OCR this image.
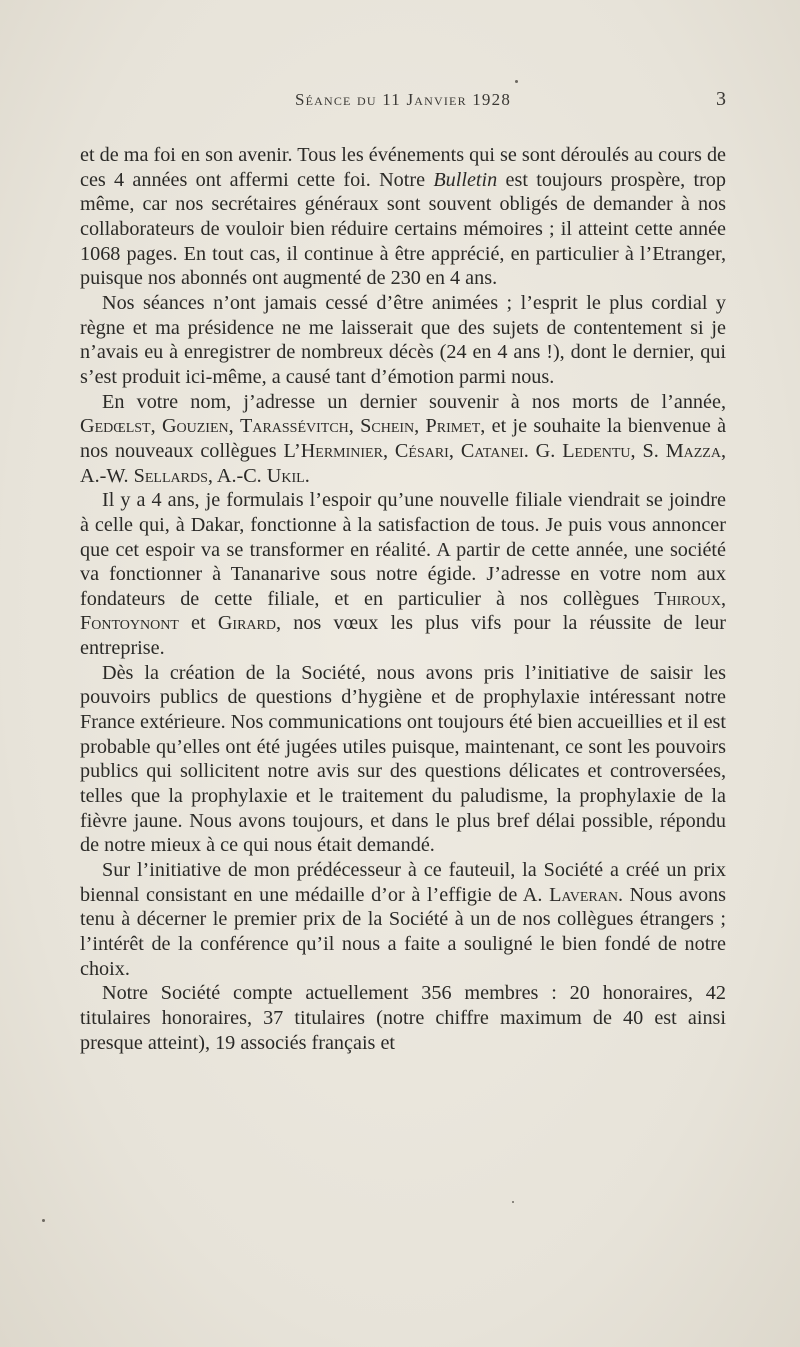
Séance du 11 Janvier 1928	3

et de ma foi en son avenir. Tous les événements qui se sont déroulés au cours de ces 4 années ont affermi cette foi. Notre Bulletin est toujours prospère, trop même, car nos secrétaires généraux sont souvent obligés de demander à nos collaborateurs de vouloir bien réduire certains mémoires ; il atteint cette année 1068 pages. En tout cas, il continue à être apprécié, en particulier à l’Etranger, puisque nos abonnés ont augmenté de 230 en 4 ans.

Nos séances n’ont jamais cessé d’être animées ; l’esprit le plus cordial y règne et ma présidence ne me laisserait que des sujets de contentement si je n’avais eu à enregistrer de nombreux décès (24 en 4 ans !), dont le dernier, qui s’est produit ici-même, a causé tant d’émotion parmi nous.

En votre nom, j’adresse un dernier souvenir à nos morts de l’année, Gedœlst, Gouzien, Tarassévitch, Schein, Primet, et je souhaite la bienvenue à nos nouveaux collègues L’Herminier, Césari, Catanei. G. Ledentu, S. Mazza, A.-W. Sellards, A.-C. Ukil.

Il y a 4 ans, je formulais l’espoir qu’une nouvelle filiale viendrait se joindre à celle qui, à Dakar, fonctionne à la satisfaction de tous. Je puis vous annoncer que cet espoir va se transformer en réalité. A partir de cette année, une société va fonctionner à Tananarive sous notre égide. J’adresse en votre nom aux fondateurs de cette filiale, et en particulier à nos collègues Thiroux, Fontoynont et Girard, nos vœux les plus vifs pour la réussite de leur entreprise.

Dès la création de la Société, nous avons pris l’initiative de saisir les pouvoirs publics de questions d’hygiène et de prophylaxie intéressant notre France extérieure. Nos communications ont toujours été bien accueillies et il est probable qu’elles ont été jugées utiles puisque, maintenant, ce sont les pouvoirs publics qui sollicitent notre avis sur des questions délicates et controversées, telles que la prophylaxie et le traitement du paludisme, la prophylaxie de la fièvre jaune. Nous avons toujours, et dans le plus bref délai possible, répondu de notre mieux à ce qui nous était demandé.

Sur l’initiative de mon prédécesseur à ce fauteuil, la Société a créé un prix biennal consistant en une médaille d’or à l’effigie de A. Laveran. Nous avons tenu à décerner le premier prix de la Société à un de nos collègues étrangers ; l’intérêt de la conférence qu’il nous a faite a souligné le bien fondé de notre choix.

Notre Société compte actuellement 356 membres : 20 honoraires, 42 titulaires honoraires, 37 titulaires (notre chiffre maximum de 40 est ainsi presque atteint), 19 associés français et
